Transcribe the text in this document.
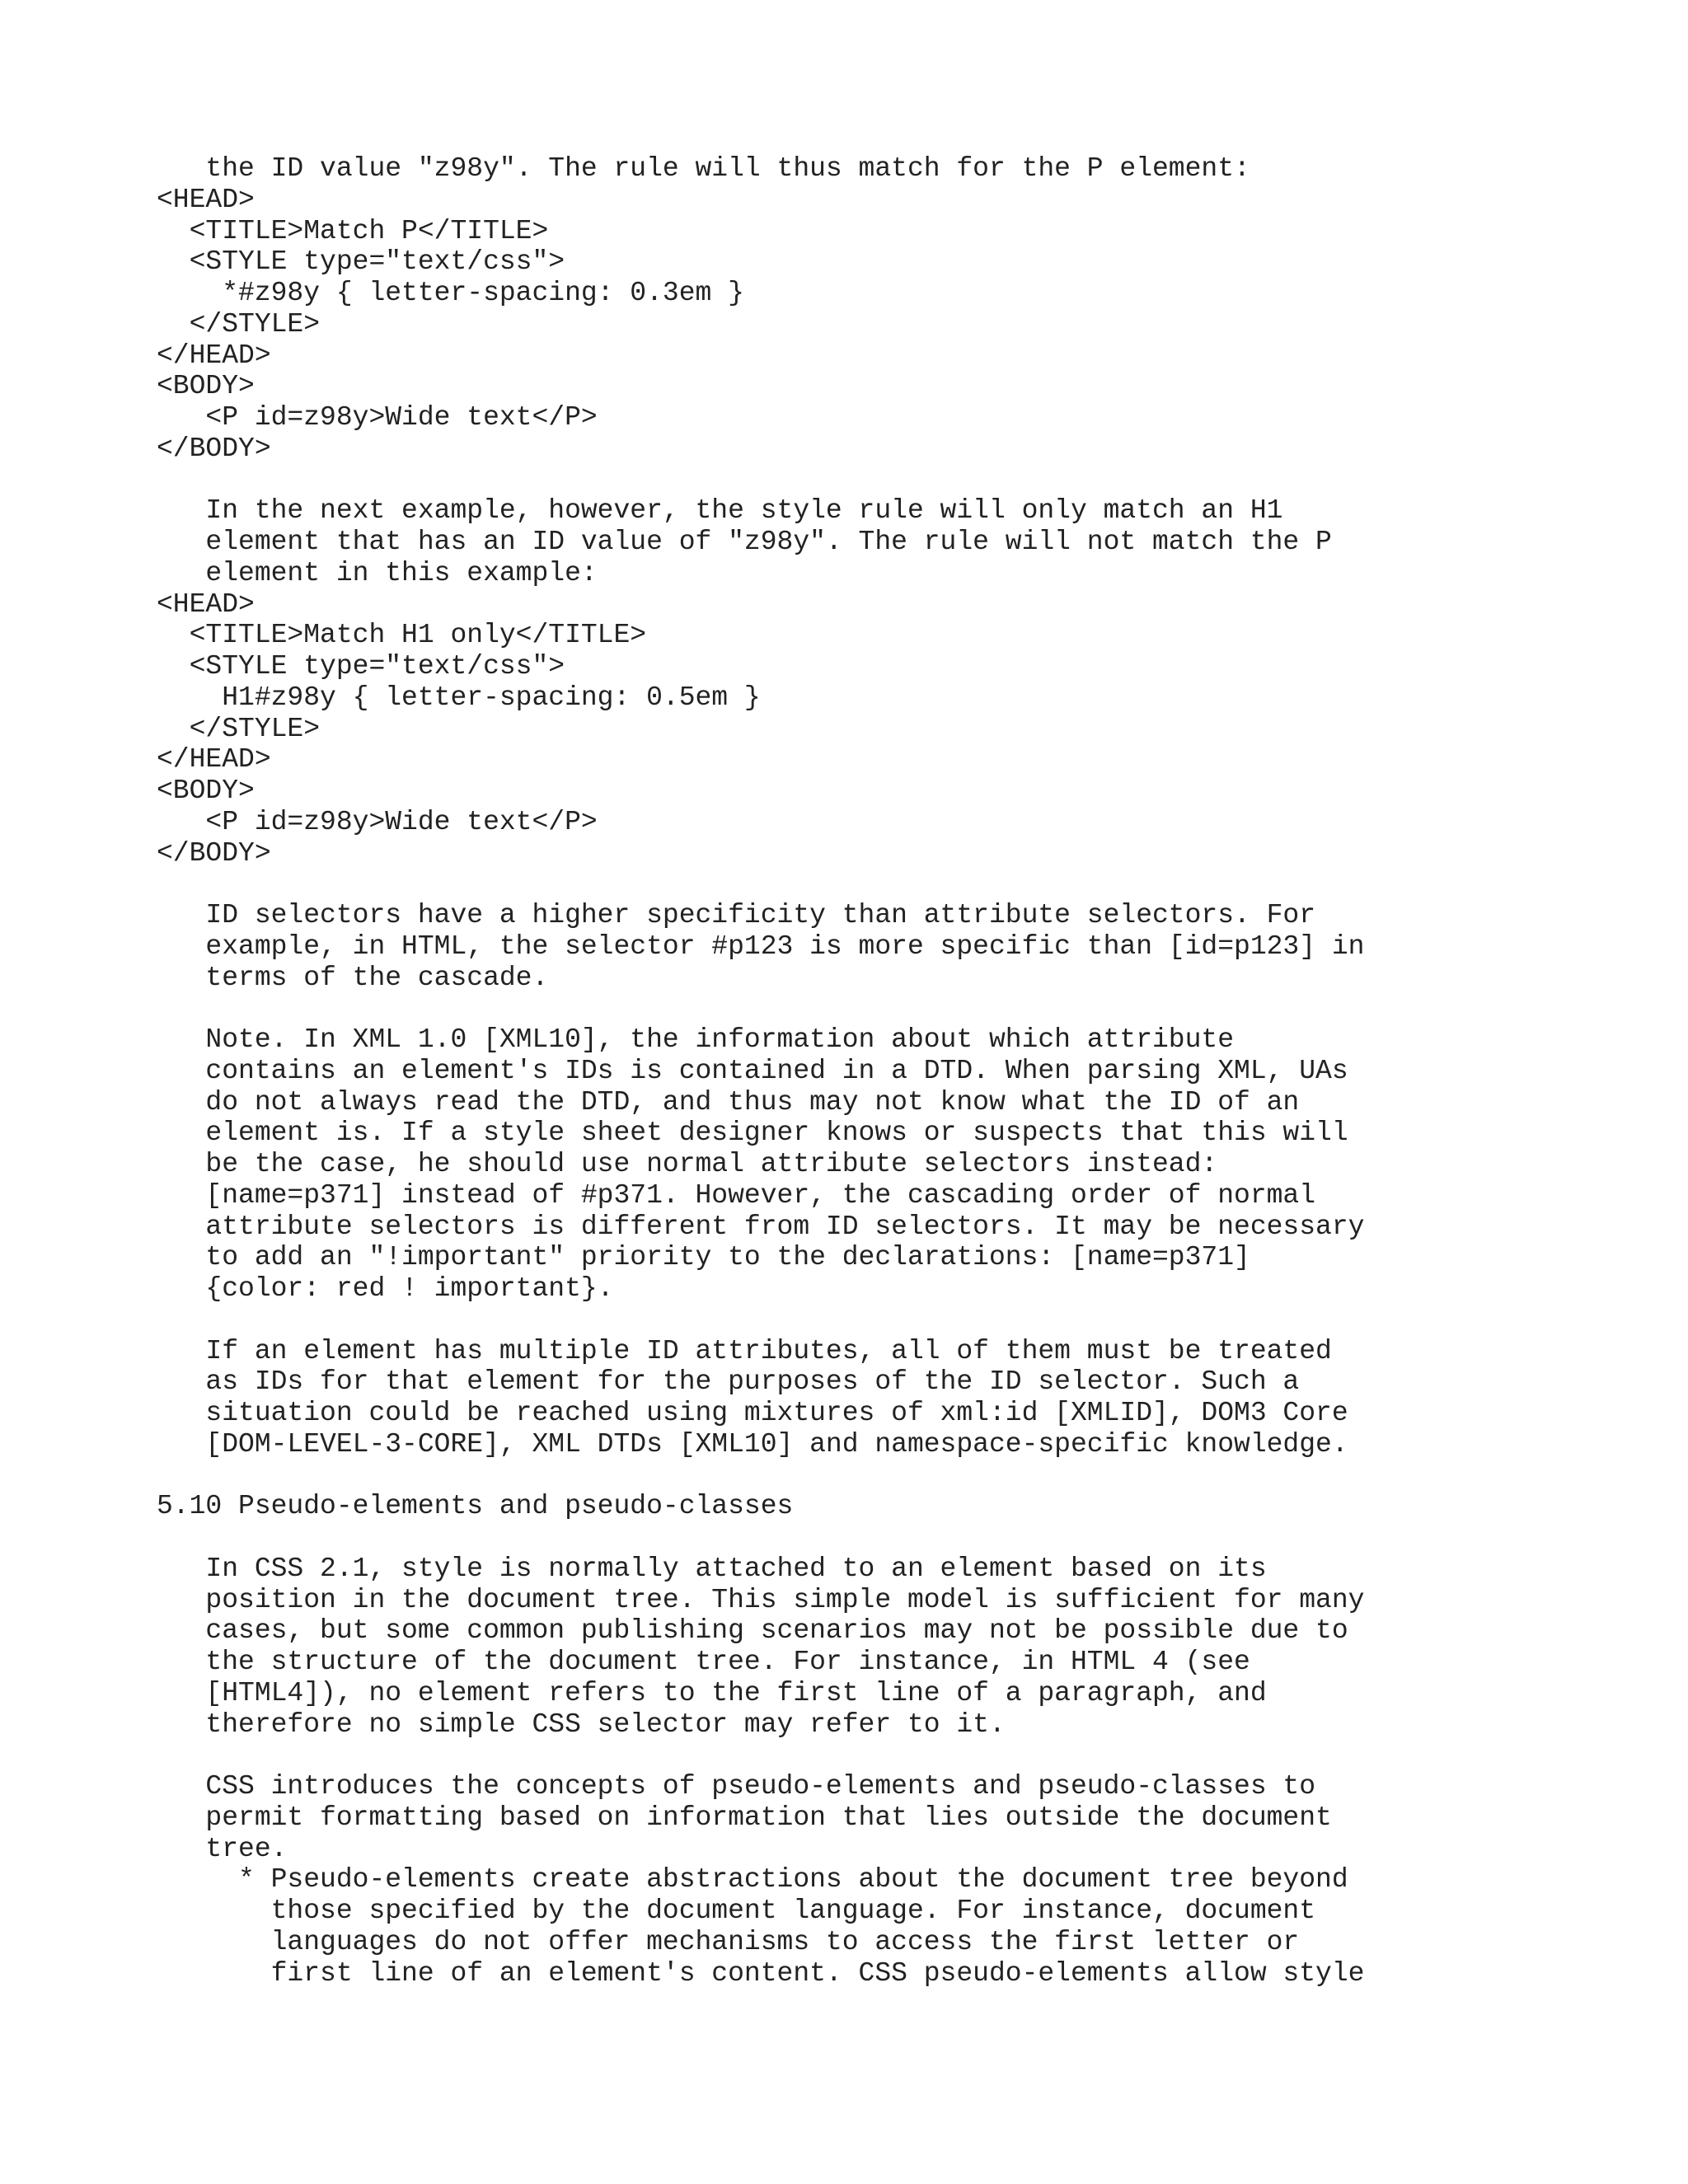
the ID value "z98y". The rule will thus match for the P element:
<HEAD>
<TITLE>Match P</TITLE>
<STYLE type="text/css">
*#z98y { letter-spacing: 0.3em }
</STYLE>
</HEAD>
<BODY>
<P id=z98y>Wide text</P>
</BODY>

In the next example, however, the style rule will only match an H1
element that has an ID value of "z98y". The rule will not match the P
element in this example:
<HEAD>
<TITLE>Match H1 only</TITLE>
<STYLE type="text/css">
H1#z98y { letter-spacing: 0.5em }
</STYLE>
</HEAD>
<BODY>
<P id=z98y>Wide text</P>
</BODY>

ID selectors have a higher specificity than attribute selectors. For
example, in HTML, the selector #p123 is more specific than [id=p123] in
terms of the cascade.

Note. In XML 1.0 [XML10], the information about which attribute
contains an element's IDs is contained in a DTD. When parsing XML, UAs
do not always read the DTD, and thus may not know what the ID of an
element is. If a style sheet designer knows or suspects that this will
be the case, he should use normal attribute selectors instead:
[name=p371] instead of #p371. However, the cascading order of normal
attribute selectors is different from ID selectors. It may be necessary
to add an "!important" priority to the declarations: [name=p371]
{color: red ! important}.

If an element has multiple ID attributes, all of them must be treated
as IDs for that element for the purposes of the ID selector. Such a
situation could be reached using mixtures of xml:id [XMLID], DOM3 Core
[DOM-LEVEL-3-CORE], XML DTDs [XML10] and namespace-specific knowledge.

5.10 Pseudo-elements and pseudo-classes

In CSS 2.1, style is normally attached to an element based on its
position in the document tree. This simple model is sufficient for many
cases, but some common publishing scenarios may not be possible due to
the structure of the document tree. For instance, in HTML 4 (see
[HTML4]), no element refers to the first line of a paragraph, and
therefore no simple CSS selector may refer to it.

CSS introduces the concepts of pseudo-elements and pseudo-classes to
permit formatting based on information that lies outside the document
tree.
* Pseudo-elements create abstractions about the document tree beyond
those specified by the document language. For instance, document
languages do not offer mechanisms to access the first letter or
first line of an element's content. CSS pseudo-elements allow style
